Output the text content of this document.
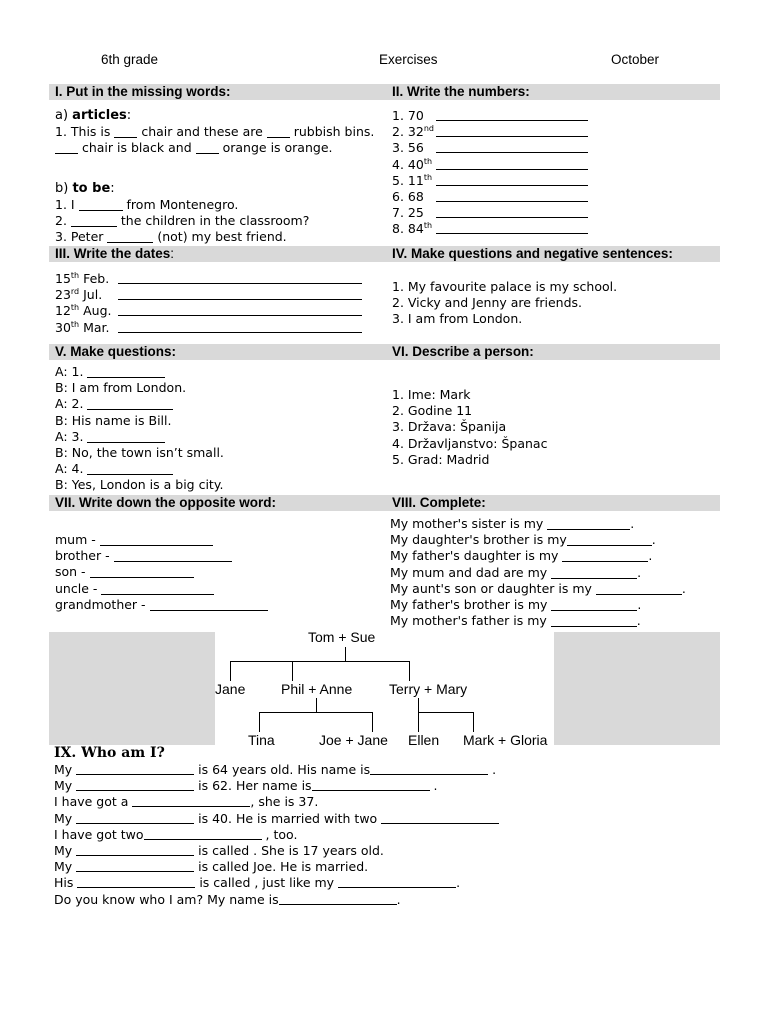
6th grade	Exercises	October
I. Put in the missing words:
a) articles:
1. This is  chair and these are  rubbish bins.
chair is black and  orange is orange.
b) to be:
1. I	from Montenegro.
2.	the children in the classroom?
3. Peter	(not) my best friend.
II. Write the numbers:
1. 70
2. 32nd
3. 56
4. 40th
5. 11th
6. 68
7. 25
8. 84th
III. Write the dates:
15th Feb.
23rd Jul.
12th Aug.
30th Mar.
IV. Make questions and negative sentences:
1. My favourite palace is my school.
2. Vicky and Jenny are friends.
3. I am from London.
V. Make questions:
A: 1.
B: I am from London.
A: 2.
B: His name is Bill.
A: 3.
B: No, the town isn’t small.
A: 4.
B: Yes, London is a big city.
VI. Describe a person:
1. Ime: Mark
2. Godine 11
3. Država: Španija
4. Državljanstvo: Španac
5. Grad: Madrid
VII. Write down the opposite word:
mum -
brother -
son -
uncle -
grandmother -
VIII. Complete:
My mother's sister is my	.
My daughter's brother is my	.
My father's daughter is my	.
My mum and dad are my	.
My aunt's son or daughter is my	.
My father's brother is my	.
My mother's father is my	.
Tom + Sue
Jane	Phil + Anne	Terry + Mary
Tina	Joe + Jane Ellen Mark + Gloria
IX. Who am I?
My	is 64 years old. His name is	.
My	is 62. Her name is	.
I have got a	, she is 37.
My	is 40. He is married with two
I have got two	, too.
My	is called . She is 17 years old.
My	is called Joe. He is married.
His	is called , just like my	.
Do you know who I am? My name is	.
